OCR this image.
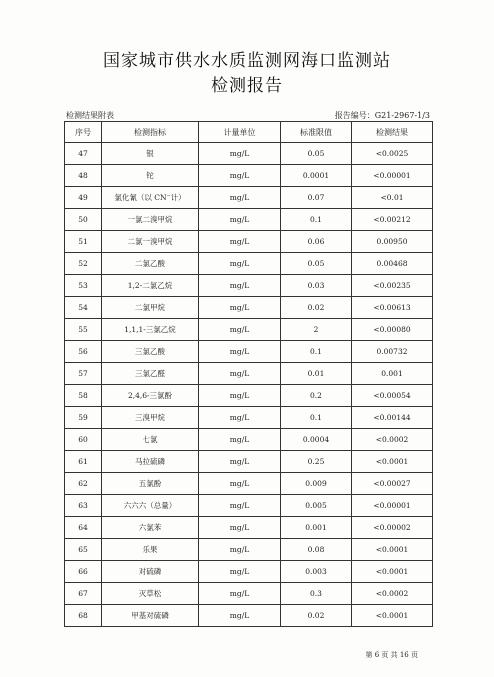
国家城市供水水质监测网海口监测站
检测报告
检测结果附表	报告编号：G21-2967-1/3
序号	检测指标	计量单位	标准限值	检测结果
47	银	mg/L	0.05	<0.0025
48	铊	mg/L	0.0001	<0.00001
49	氯化氰（以 CN⁻计）	mg/L	0.07	<0.01
50	一氯二溴甲烷	mg/L	0.1	<0.00212
51	二氯一溴甲烷	mg/L	0.06	0.00950
52	二氯乙酸	mg/L	0.05	0.00468
53	1,2-二氯乙烷	mg/L	0.03	<0.00235
54	二氯甲烷	mg/L	0.02	<0.00613
55	1,1,1-三氯乙烷	mg/L	2	<0.00080
56	三氯乙酸	mg/L	0.1	0.00732
57	三氯乙醛	mg/L	0.01	0.001
58	2,4,6-三氯酚	mg/L	0.2	<0.00054
59	三溴甲烷	mg/L	0.1	<0.00144
60	七氯	mg/L	0.0004	<0.0002
61	马拉硫磷	mg/L	0.25	<0.0001
62	五氯酚	mg/L	0.009	<0.00027
63	六六六（总量）	mg/L	0.005	<0.00001
64	六氯苯	mg/L	0.001	<0.00002
65	乐果	mg/L	0.08	<0.0001
66	对硫磷	mg/L	0.003	<0.0001
67	灭草松	mg/L	0.3	<0.0002
68	甲基对硫磷	mg/L	0.02	<0.0001
第 6 页 共 16 页
